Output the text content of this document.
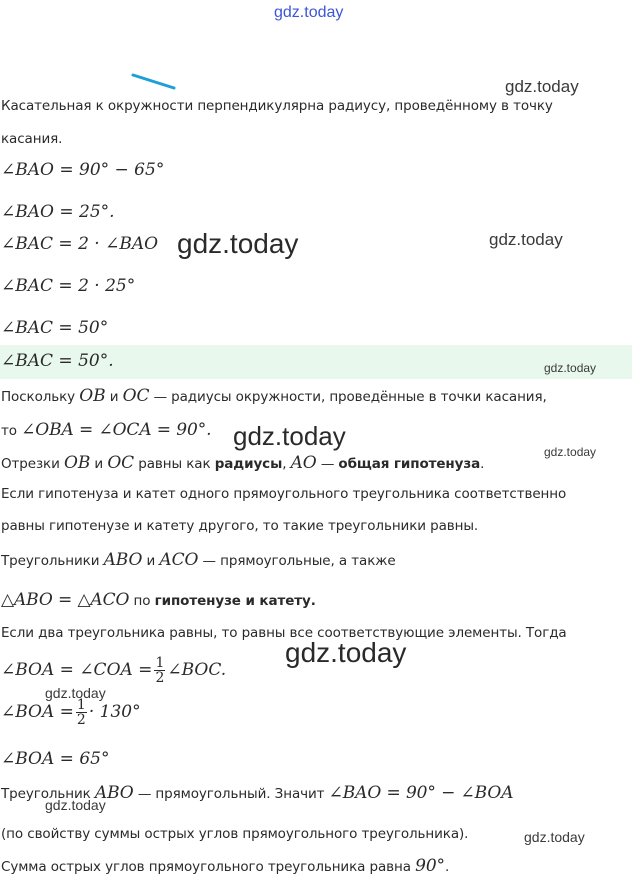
gdz.today
gdz.today
gdz.today
gdz.today
gdz.today
gdz.today
gdz.today
gdz.today
gdz.today
gdz.today
gdz.today
Касательная к окружности перпендикулярна радиусу, проведённому в точку
касания.
∠BAO = 90° − 65°
∠BAO = 25°.
∠BAC = 2 · ∠BAO
∠BAC = 2 · 25°
∠BAC = 50°
∠BAC = 50°.
Поскольку OB и OC — радиусы окружности, проведённые в точки касания,
то ∠OBA = ∠OCA = 90°.
Отрезки OB и OC равны как радиусы, AO — общая гипотенуза.
Если гипотенуза и катет одного прямоугольного треугольника соответственно
равны гипотенузе и катету другого, то такие треугольники равны.
Треугольники ABO и ACO — прямоугольные, а также
△ABO = △ACO по гипотенузе и катету.
Если два треугольника равны, то равны все соответствующие элементы. Тогда
∠BOA = ∠COA = $\frac{1}{2}$ ∠BOC.
∠BOA = $\frac{1}{2} \cdot 130^\circ$
∠BOA = 65°
Треугольник ABO — прямоугольный. Значит ∠BAO = 90° − ∠BOA
(по свойству суммы острых углов прямоугольного треугольника).
Сумма острых углов прямоугольного треугольника равна 90°.
